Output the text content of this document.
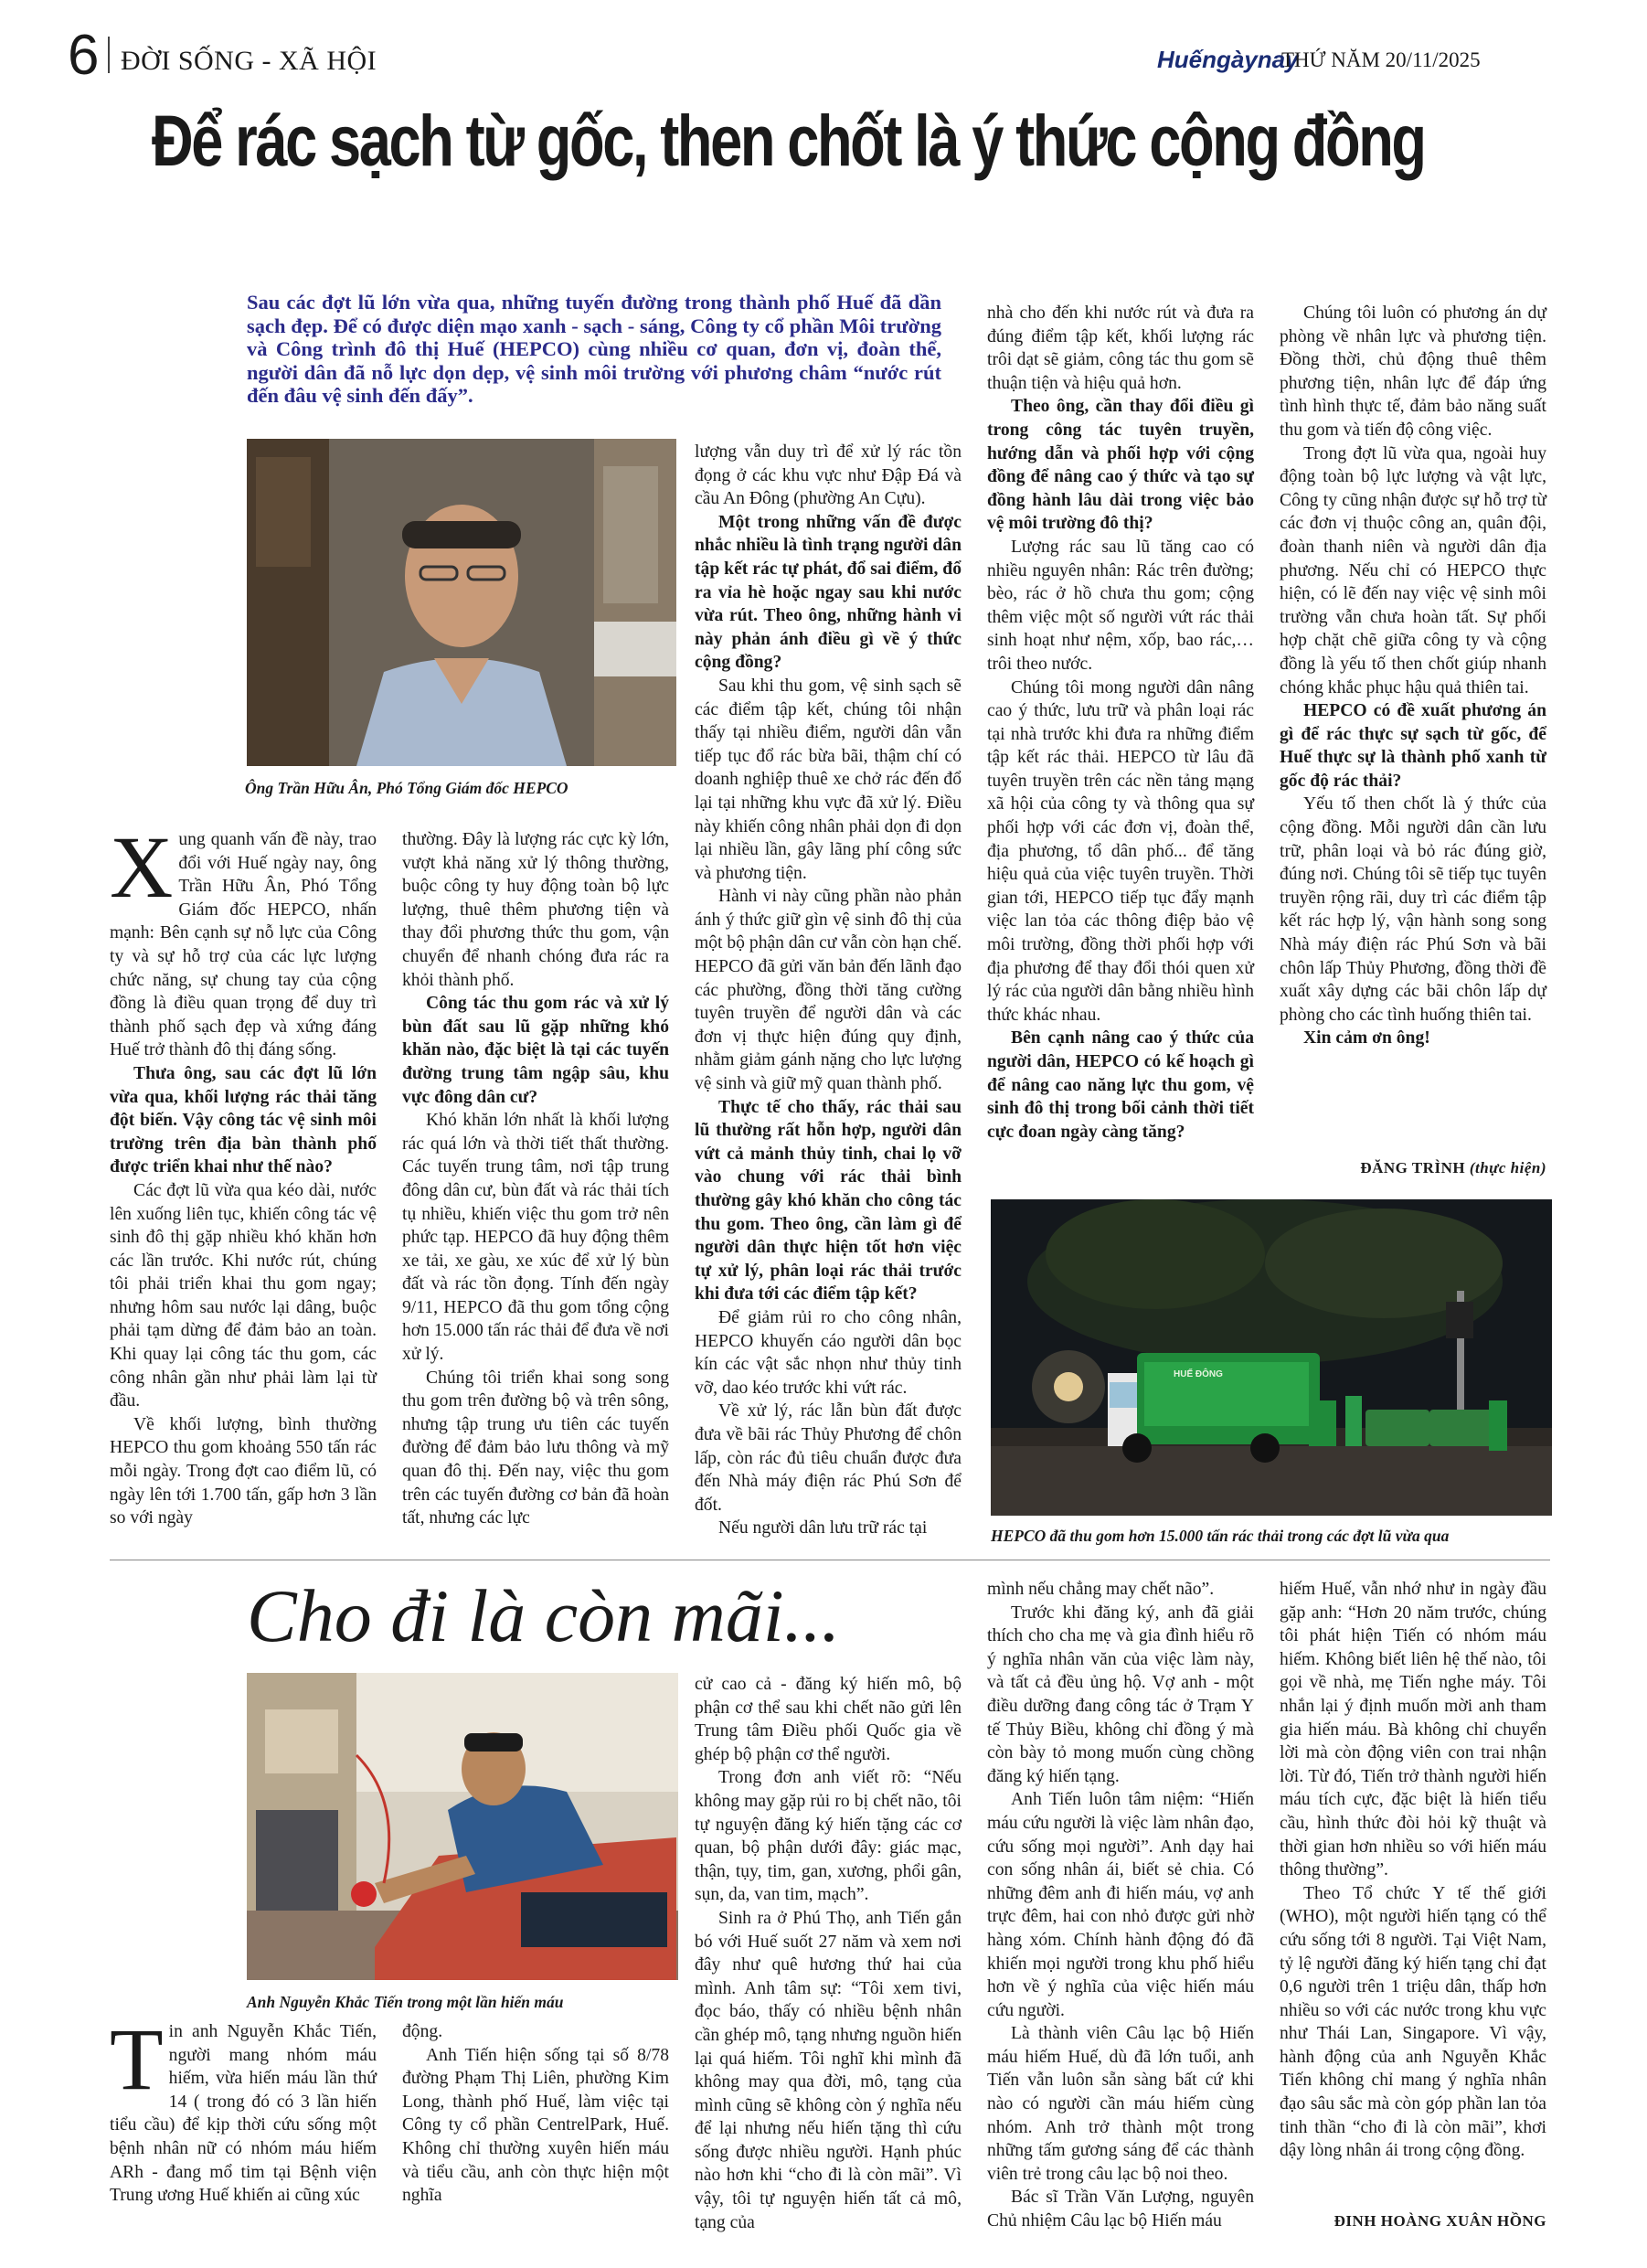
6 ĐỜI SỐNG - XÃ HỘI	Huếngàynay
THỨ NĂM 20/11/2025
Để rác sạch từ gốc, then chốt là ý thức cộng đồng
Sau các đợt lũ lớn vừa qua, những tuyến đường trong thành phố Huế đã dần sạch đẹp. Để có được diện mạo xanh - sạch - sáng, Công ty cổ phần Môi trường và Công trình đô thị Huế (HEPCO) cùng nhiều cơ quan, đơn vị, đoàn thể, người dân đã nỗ lực dọn dẹp, vệ sinh môi trường với phương châm “nước rút đến đâu vệ sinh đến đấy”.
Ông Trần Hữu Ân, Phó Tổng Giám đốc HEPCO
X ung quanh vấn đề này, trao đổi với Huế ngày nay, ông Trần Hữu Ân, Phó Tổng Giám đốc HEPCO, nhấn mạnh: Bên cạnh sự nỗ lực của Công ty và sự hỗ trợ của các lực lượng chức năng, sự chung tay của cộng đồng là điều quan trọng để duy trì thành phố sạch đẹp và xứng đáng Huế trở thành đô thị đáng sống.

Thưa ông, sau các đợt lũ lớn vừa qua, khối lượng rác thải tăng đột biến. Vậy công tác vệ sinh môi trường trên địa bàn thành phố được triển khai như thế nào?

Các đợt lũ vừa qua kéo dài, nước lên xuống liên tục, khiến công tác vệ sinh đô thị gặp nhiều khó khăn hơn các lần trước. Khi nước rút, chúng tôi phải triển khai thu gom ngay; nhưng hôm sau nước lại dâng, buộc phải tạm dừng để đảm bảo an toàn. Khi quay lại công tác thu gom, các công nhân gần như phải làm lại từ đầu.

Về khối lượng, bình thường HEPCO thu gom khoảng 550 tấn rác mỗi ngày. Trong đợt cao điểm lũ, có ngày lên tới 1.700 tấn, gấp hơn 3 lần so với ngày

thường. Đây là lượng rác cực kỳ lớn, vượt khả năng xử lý thông thường, buộc công ty huy động toàn bộ lực lượng, thuê thêm phương tiện và thay đổi phương thức thu gom, vận chuyển để nhanh chóng đưa rác ra khỏi thành phố.

Công tác thu gom rác và xử lý bùn đất sau lũ gặp những khó khăn nào, đặc biệt là tại các tuyến đường trung tâm ngập sâu, khu vực đông dân cư?

Khó khăn lớn nhất là khối lượng rác quá lớn và thời tiết thất thường. Các tuyến trung tâm, nơi tập trung đông dân cư, bùn đất và rác thải tích tụ nhiều, khiến việc thu gom trở nên phức tạp. HEPCO đã huy động thêm xe tải, xe gàu, xe xúc để xử lý bùn đất và rác tồn đọng. Tính đến ngày 9/11, HEPCO đã thu gom tổng cộng hơn 15.000 tấn rác thải để đưa về nơi xử lý.

Chúng tôi triển khai song song thu gom trên đường bộ và trên sông, nhưng tập trung ưu tiên các tuyến đường để đảm bảo lưu thông và mỹ quan đô thị. Đến nay, việc thu gom trên các tuyến đường cơ bản đã hoàn tất, nhưng các lực

lượng vẫn duy trì để xử lý rác tồn đọng ở các khu vực như Đập Đá và cầu An Đông (phường An Cựu).

Một trong những vấn đề được nhắc nhiều là tình trạng người dân tập kết rác tự phát, đổ sai điểm, đổ ra vỉa hè hoặc ngay sau khi nước vừa rút. Theo ông, những hành vi này phản ánh điều gì về ý thức cộng đồng?

Sau khi thu gom, vệ sinh sạch sẽ các điểm tập kết, chúng tôi nhận thấy tại nhiều điểm, người dân vẫn tiếp tục đổ rác bừa bãi, thậm chí có doanh nghiệp thuê xe chở rác đến đổ lại tại những khu vực đã xử lý. Điều này khiến công nhân phải dọn đi dọn lại nhiều lần, gây lãng phí công sức và phương tiện.

Hành vi này cũng phần nào phản ánh ý thức giữ gìn vệ sinh đô thị của một bộ phận dân cư vẫn còn hạn chế. HEPCO đã gửi văn bản đến lãnh đạo các phường, đồng thời tăng cường tuyên truyền để người dân và các đơn vị thực hiện đúng quy định, nhằm giảm gánh nặng cho lực lượng vệ sinh và giữ mỹ quan thành phố.

Thực tế cho thấy, rác thải sau lũ thường rất hỗn hợp, người dân vứt cả mảnh thủy tinh, chai lọ vỡ vào chung với rác thải bình thường gây khó khăn cho công tác thu gom. Theo ông, cần làm gì để người dân thực hiện tốt hơn việc tự xử lý, phân loại rác thải trước khi đưa tới các điểm tập kết?

Để giảm rủi ro cho công nhân, HEPCO khuyến cáo người dân bọc kín các vật sắc nhọn như thủy tinh vỡ, dao kéo trước khi vứt rác.

Về xử lý, rác lẫn bùn đất được đưa về bãi rác Thủy Phương để chôn lấp, còn rác đủ tiêu chuẩn được đưa đến Nhà máy điện rác Phú Sơn để đốt.

Nếu người dân lưu trữ rác tại

nhà cho đến khi nước rút và đưa ra đúng điểm tập kết, khối lượng rác trôi dạt sẽ giảm, công tác thu gom sẽ thuận tiện và hiệu quả hơn.

Theo ông, cần thay đổi điều gì trong công tác tuyên truyền, hướng dẫn và phối hợp với cộng đồng để nâng cao ý thức và tạo sự đồng hành lâu dài trong việc bảo vệ môi trường đô thị?

Lượng rác sau lũ tăng cao có nhiều nguyên nhân: Rác trên đường; bèo, rác ở hồ chưa thu gom; cộng thêm việc một số người vứt rác thải sinh hoạt như nệm, xốp, bao rác,… trôi theo nước.

Chúng tôi mong người dân nâng cao ý thức, lưu trữ và phân loại rác tại nhà trước khi đưa ra những điểm tập kết rác thải. HEPCO từ lâu đã tuyên truyền trên các nền tảng mạng xã hội của công ty và thông qua sự phối hợp với các đơn vị, đoàn thể, địa phương, tổ dân phố... để tăng hiệu quả của việc tuyên truyền. Thời gian tới, HEPCO tiếp tục đẩy mạnh việc lan tỏa các thông điệp bảo vệ môi trường, đồng thời phối hợp với địa phương để thay đổi thói quen xử lý rác của người dân bằng nhiều hình thức khác nhau.

Bên cạnh nâng cao ý thức của người dân, HEPCO có kế hoạch gì để nâng cao năng lực thu gom, vệ sinh đô thị trong bối cảnh thời tiết cực đoan ngày càng tăng?

Chúng tôi luôn có phương án dự phòng về nhân lực và phương tiện. Đồng thời, chủ động thuê thêm phương tiện, nhân lực để đáp ứng tình hình thực tế, đảm bảo năng suất thu gom và tiến độ công việc.

Trong đợt lũ vừa qua, ngoài huy động toàn bộ lực lượng và vật lực, Công ty cũng nhận được sự hỗ trợ từ các đơn vị thuộc công an, quân đội, đoàn thanh niên và người dân địa phương. Nếu chỉ có HEPCO thực hiện, có lẽ đến nay việc vệ sinh môi trường vẫn chưa hoàn tất. Sự phối hợp chặt chẽ giữa công ty và cộng đồng là yếu tố then chốt giúp nhanh chóng khắc phục hậu quả thiên tai.

HEPCO có đề xuất phương án gì để rác thực sự sạch từ gốc, để Huế thực sự là thành phố xanh từ gốc độ rác thải?

Yếu tố then chốt là ý thức của cộng đồng. Mỗi người dân cần lưu trữ, phân loại và bỏ rác đúng giờ, đúng nơi. Chúng tôi sẽ tiếp tục tuyên truyền rộng rãi, duy trì các điểm tập kết rác hợp lý, vận hành song song Nhà máy điện rác Phú Sơn và bãi chôn lấp Thủy Phương, đồng thời đề xuất xây dựng các bãi chôn lấp dự phòng cho các tình huống thiên tai.

Xin cảm ơn ông!

ĐĂNG TRÌNH (thực hiện)
HUẾ ĐÔNG
HEPCO đã thu gom hơn 15.000 tấn rác thải trong các đợt lũ vừa qua
Cho đi là còn mãi...
Anh Nguyễn Khắc Tiến trong một lần hiến máu
T in anh Nguyễn Khắc Tiến, người mang nhóm máu hiếm, vừa hiến máu lần thứ 14 ( trong đó có 3 lần hiến tiểu cầu) để kịp thời cứu sống một bệnh nhân nữ có nhóm máu hiếm ARh - đang mổ tim tại Bệnh viện Trung ương Huế khiến ai cũng xúc

động.

Anh Tiến hiện sống tại số 8/78 đường Phạm Thị Liên, phường Kim Long, thành phố Huế, làm việc tại Công ty cổ phần CentrelPark, Huế. Không chỉ thường xuyên hiến máu và tiểu cầu, anh còn thực hiện một nghĩa

cử cao cả - đăng ký hiến mô, bộ phận cơ thể sau khi chết não gửi lên Trung tâm Điều phối Quốc gia về ghép bộ phận cơ thể người.

Trong đơn anh viết rõ: “Nếu không may gặp rủi ro bị chết não, tôi tự nguyện đăng ký hiến tặng các cơ quan, bộ phận dưới đây: giác mạc, thận, tụy, tim, gan, xương, phổi gân, sụn, da, van tim, mạch”.

Sinh ra ở Phú Thọ, anh Tiến gắn bó với Huế suốt 27 năm và xem nơi đây như quê hương thứ hai của mình. Anh tâm sự: “Tôi xem tivi, đọc báo, thấy có nhiều bệnh nhân cần ghép mô, tạng nhưng nguồn hiến lại quá hiếm. Tôi nghĩ khi mình đã không may qua đời, mô, tạng của mình cũng sẽ không còn ý nghĩa nếu để lại nhưng nếu hiến tặng thì cứu sống được nhiều người. Hạnh phúc nào hơn khi “cho đi là còn mãi”. Vì vậy, tôi tự nguyện hiến tất cả mô, tạng của

mình nếu chẳng may chết não”.

Trước khi đăng ký, anh đã giải thích cho cha mẹ và gia đình hiểu rõ ý nghĩa nhân văn của việc làm này, và tất cả đều ủng hộ. Vợ anh - một điều dưỡng đang công tác ở Trạm Y tế Thủy Biều, không chỉ đồng ý mà còn bày tỏ mong muốn cùng chồng đăng ký hiến tạng.

Anh Tiến luôn tâm niệm: “Hiến máu cứu người là việc làm nhân đạo, cứu sống mọi người”. Anh dạy hai con sống nhân ái, biết sẻ chia. Có những đêm anh đi hiến máu, vợ anh trực đêm, hai con nhỏ được gửi nhờ hàng xóm. Chính hành động đó đã khiến mọi người trong khu phố hiểu hơn về ý nghĩa của việc hiến máu cứu người.

Là thành viên Câu lạc bộ Hiến máu hiếm Huế, dù đã lớn tuổi, anh Tiến vẫn luôn sẵn sàng bất cứ khi nào có người cần máu hiếm cùng nhóm. Anh trở thành một trong những tấm gương sáng để các thành viên trẻ trong câu lạc bộ noi theo.

Bác sĩ Trần Văn Lượng, nguyên Chủ nhiệm Câu lạc bộ Hiến máu

hiếm Huế, vẫn nhớ như in ngày đầu gặp anh: “Hơn 20 năm trước, chúng tôi phát hiện Tiến có nhóm máu hiếm. Không biết liên hệ thế nào, tôi gọi về nhà, mẹ Tiến nghe máy. Tôi nhắn lại ý định muốn mời anh tham gia hiến máu. Bà không chỉ chuyển lời mà còn động viên con trai nhận lời. Từ đó, Tiến trở thành người hiến máu tích cực, đặc biệt là hiến tiểu cầu, hình thức đòi hỏi kỹ thuật và thời gian hơn nhiều so với hiến máu thông thường”.

Theo Tổ chức Y tế thế giới (WHO), một người hiến tạng có thể cứu sống tới 8 người. Tại Việt Nam, tỷ lệ người đăng ký hiến tạng chỉ đạt 0,6 người trên 1 triệu dân, thấp hơn nhiều so với các nước trong khu vực như Thái Lan, Singapore. Vì vậy, hành động của anh Nguyễn Khắc Tiến không chỉ mang ý nghĩa nhân đạo sâu sắc mà còn góp phần lan tỏa tinh thần “cho đi là còn mãi”, khơi dậy lòng nhân ái trong cộng đồng.

ĐINH HOÀNG XUÂN HỒNG
